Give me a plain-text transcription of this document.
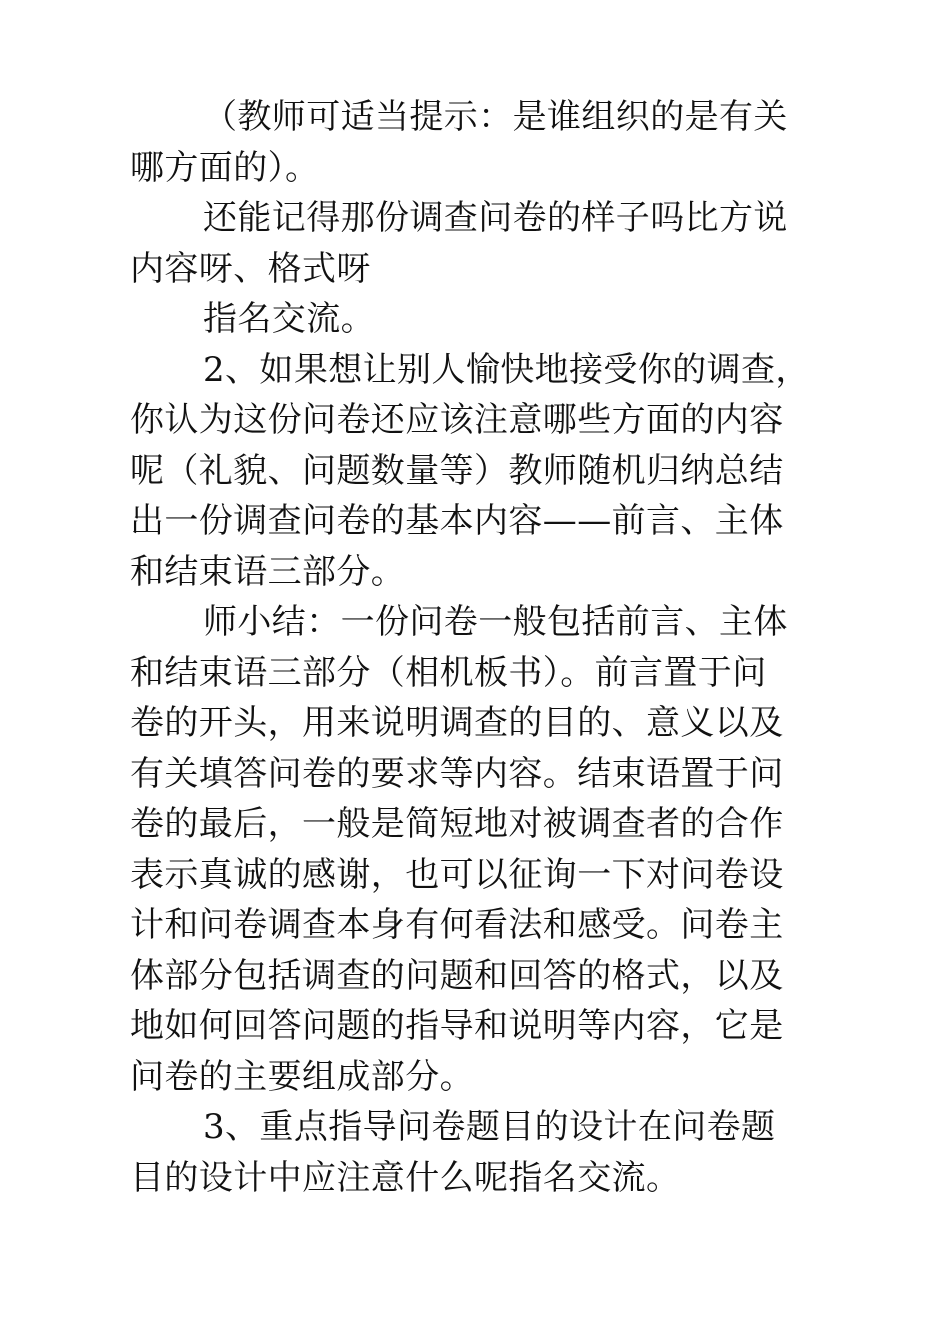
（教师可适当提示：是谁组织的是有关
哪方面的）。
还能记得那份调查问卷的样子吗比方说
内容呀、格式呀
指名交流。
2、如果想让别人愉快地接受你的调查，
你认为这份问卷还应该注意哪些方面的内容
呢（礼貌、问题数量等）教师随机归纳总结
出一份调查问卷的基本内容——前言、主体
和结束语三部分。
师小结：一份问卷一般包括前言、主体
和结束语三部分（相机板书）。前言置于问
卷的开头，用来说明调查的目的、意义以及
有关填答问卷的要求等内容。结束语置于问
卷的最后，一般是简短地对被调查者的合作
表示真诚的感谢，也可以征询一下对问卷设
计和问卷调查本身有何看法和感受。问卷主
体部分包括调查的问题和回答的格式，以及
地如何回答问题的指导和说明等内容，它是
问卷的主要组成部分。
3、重点指导问卷题目的设计在问卷题
目的设计中应注意什么呢指名交流。
